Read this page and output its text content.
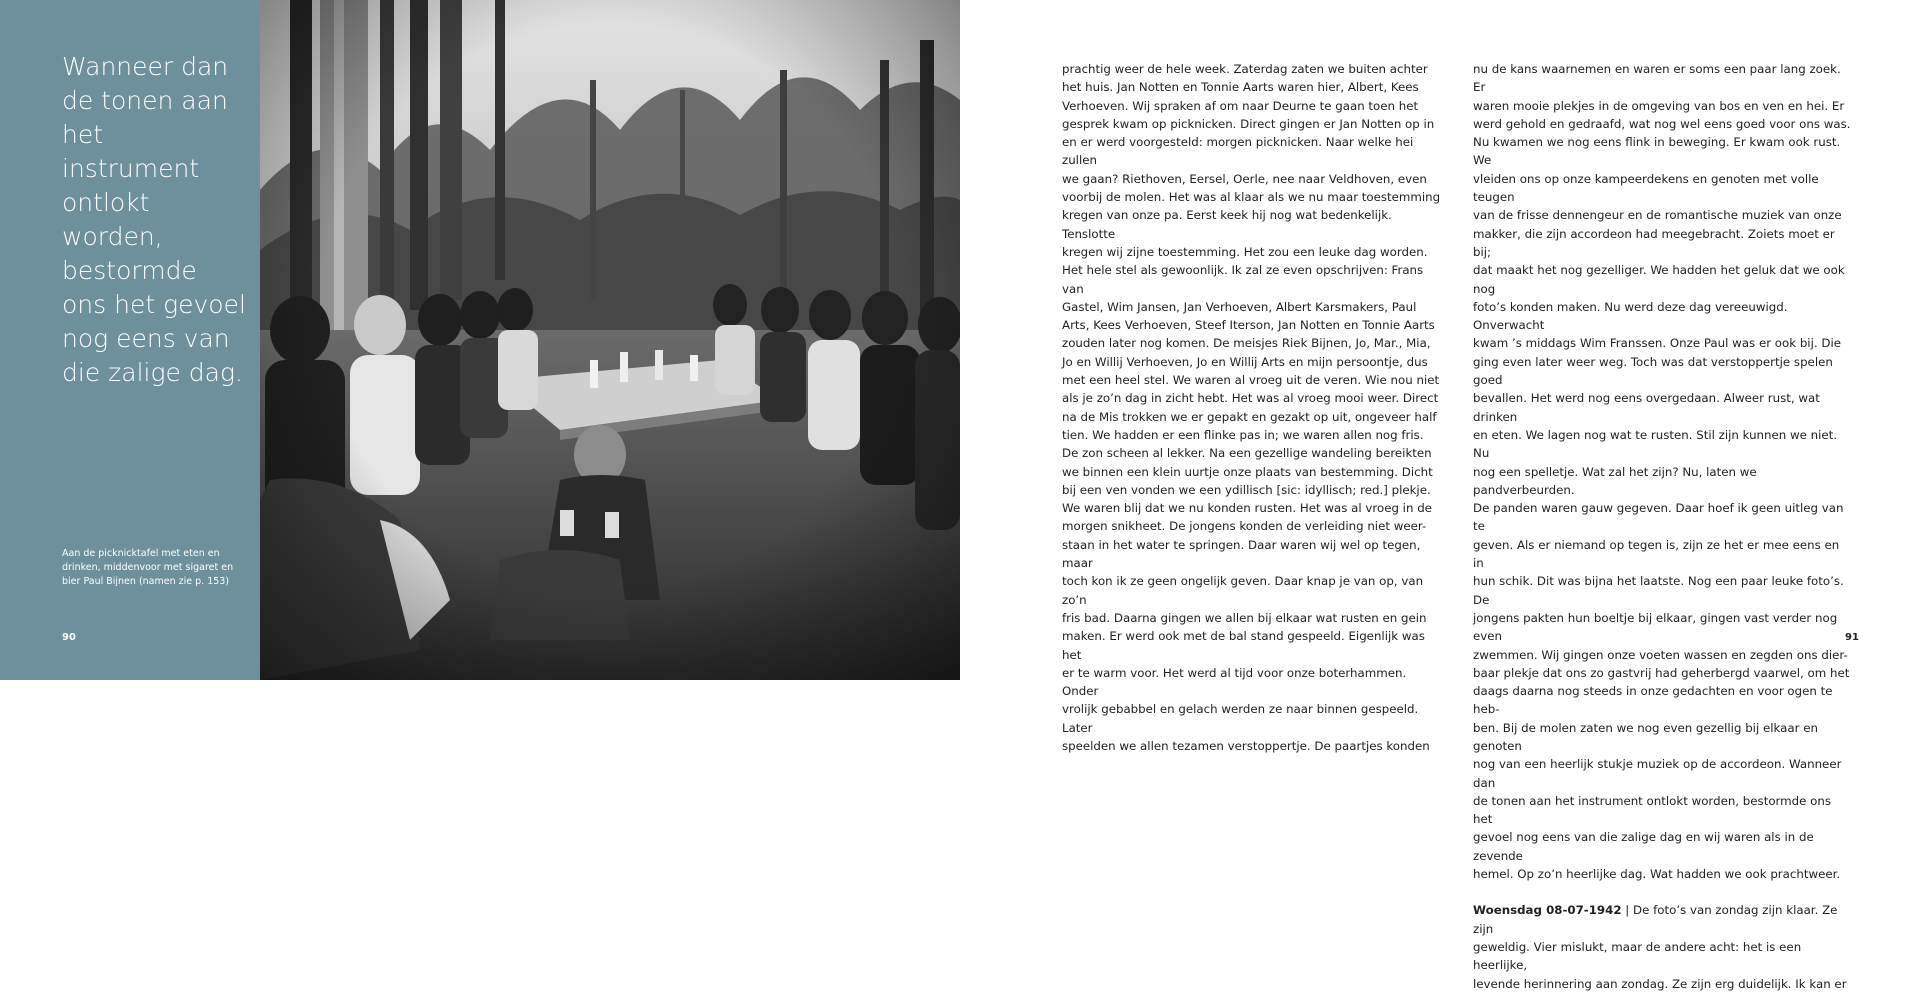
Wanneer dan de tonen aan het instrument ontlokt worden, bestormde ons het gevoel nog eens van die zalige dag.

Aan de picknicktafel met eten en drinken, middenvoor met sigaret en bier Paul Bijnen (namen zie p. 153)

90

prachtig weer de hele week. Zaterdag zaten we buiten achter

het huis. Jan Notten en Tonnie Aarts waren hier, Albert, Kees

Verhoeven. Wij spraken af om naar Deurne te gaan toen het

gesprek kwam op picknicken. Direct gingen er Jan Notten op in

en er werd voorgesteld: morgen picknicken. Naar welke hei zullen

we gaan? Riethoven, Eersel, Oerle, nee naar Veldhoven, even

voorbij de molen. Het was al klaar als we nu maar toestemming

kregen van onze pa. Eerst keek hij nog wat bedenkelijk. Tenslotte

kregen wij zijne toestemming. Het zou een leuke dag worden.

Het hele stel als gewoonlijk. Ik zal ze even opschrijven: Frans van

Gastel, Wim Jansen, Jan Verhoeven, Albert Karsmakers, Paul

Arts, Kees Verhoeven, Steef Iterson, Jan Notten en Tonnie Aarts

zouden later nog komen. De meisjes Riek Bijnen, Jo, Mar., Mia,

Jo en Willij Verhoeven, Jo en Willij Arts en mijn persoontje, dus

met een heel stel. We waren al vroeg uit de veren. Wie nou niet

als je zo’n dag in zicht hebt. Het was al vroeg mooi weer. Direct

na de Mis trokken we er gepakt en gezakt op uit, ongeveer half

tien. We hadden er een flinke pas in; we waren allen nog fris.

De zon scheen al lekker. Na een gezellige wandeling bereikten

we binnen een klein uurtje onze plaats van bestemming. Dicht

bij een ven vonden we een ydillisch [sic: idyllisch; red.] plekje.

We waren blij dat we nu konden rusten. Het was al vroeg in de

morgen snikheet. De jongens konden de verleiding niet weer-

staan in het water te springen. Daar waren wij wel op tegen, maar

toch kon ik ze geen ongelijk geven. Daar knap je van op, van zo’n

fris bad. Daarna gingen we allen bij elkaar wat rusten en gein

maken. Er werd ook met de bal stand gespeeld. Eigenlijk was het

er te warm voor. Het werd al tijd voor onze boterhammen. Onder

vrolijk gebabbel en gelach werden ze naar binnen gespeeld. Later

speelden we allen tezamen verstoppertje. De paartjes konden

nu de kans waarnemen en waren er soms een paar lang zoek. Er

waren mooie plekjes in de omgeving van bos en ven en hei. Er

werd gehold en gedraafd, wat nog wel eens goed voor ons was.

Nu kwamen we nog eens flink in beweging. Er kwam ook rust. We

vleiden ons op onze kampeerdekens en genoten met volle teugen

van de frisse dennengeur en de romantische muziek van onze

makker, die zijn accordeon had meegebracht. Zoiets moet er bij;

dat maakt het nog gezelliger. We hadden het geluk dat we ook nog

foto’s konden maken. Nu werd deze dag vereeuwigd. Onverwacht

kwam ’s middags Wim Franssen. Onze Paul was er ook bij. Die

ging even later weer weg. Toch was dat verstoppertje spelen goed

bevallen. Het werd nog eens overgedaan. Alweer rust, wat drinken

en eten. We lagen nog wat te rusten. Stil zijn kunnen we niet. Nu

nog een spelletje. Wat zal het zijn? Nu, laten we pandverbeurden.

De panden waren gauw gegeven. Daar hoef ik geen uitleg van te

geven. Als er niemand op tegen is, zijn ze het er mee eens en in

hun schik. Dit was bijna het laatste. Nog een paar leuke foto’s. De

jongens pakten hun boeltje bij elkaar, gingen vast verder nog even

zwemmen. Wij gingen onze voeten wassen en zegden ons dier-

baar plekje dat ons zo gastvrij had geherbergd vaarwel, om het

daags daarna nog steeds in onze gedachten en voor ogen te heb-

ben. Bij de molen zaten we nog even gezellig bij elkaar en genoten

nog van een heerlijk stukje muziek op de accordeon. Wanneer dan

de tonen aan het instrument ontlokt worden, bestormde ons het

gevoel nog eens van die zalige dag en wij waren als in de zevende

hemel. Op zo’n heerlijke dag. Wat hadden we ook prachtweer.

Woensdag 08-07-1942 | De foto’s van zondag zijn klaar. Ze zijn

geweldig. Vier mislukt, maar de andere acht: het is een heerlijke,

levende herinnering aan zondag. Ze zijn erg duidelijk. Ik kan er

91
